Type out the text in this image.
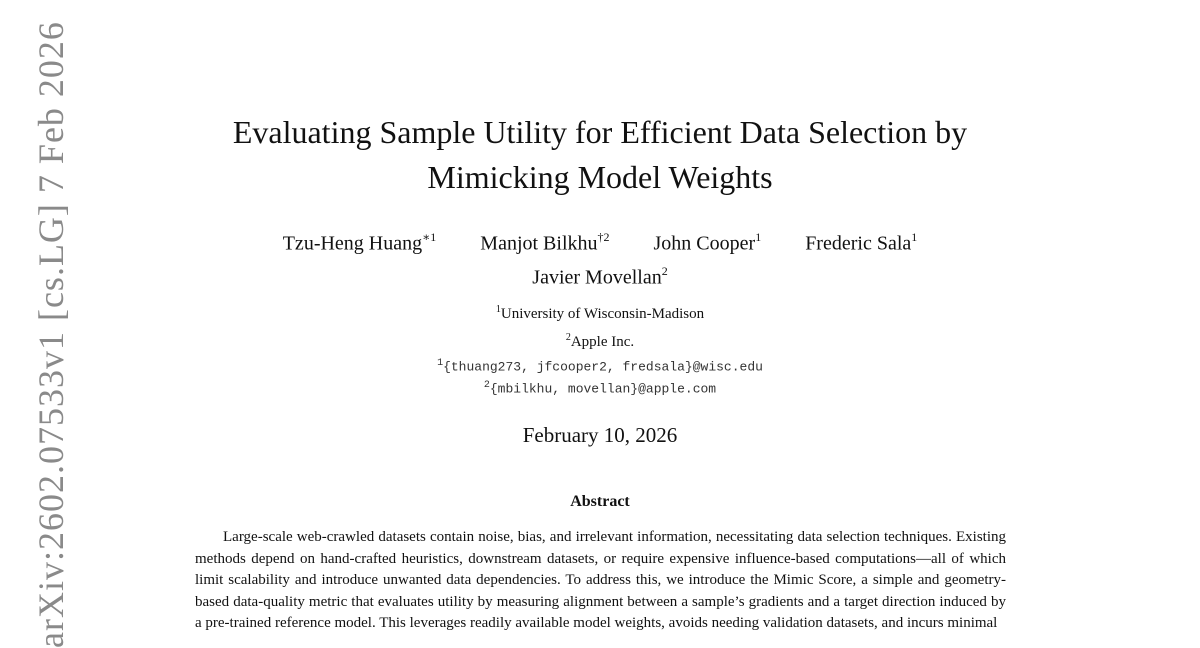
arXiv:2602.07533v1 [cs.LG] 7 Feb 2026	Evaluating Sample Utility for Efficient Data Selection by Mimicking Model Weights
Tzu-Heng Huang$^{∗1}$ Manjot Bilkhu$^{\dagger 2}$ John Cooper$^1$ Frederic Sala$^1$
Javier Movellan$^2$
$^1$University of Wisconsin-Madison
$^2$Apple Inc.
$^1${thuang273, jfcooper2, fredsala}@wisc.edu
$^2${mbilkhu, movellan}@apple.com
February 10, 2026
Abstract

Large-scale web-crawled datasets contain noise, bias, and irrelevant information, necessitating data selection techniques. Existing methods depend on hand-crafted heuristics, downstream datasets, or require expensive influence-based computations—all of which limit scalability and introduce unwanted data dependencies. To address this, we introduce the Mimic Score, a simple and geometry-based data-quality metric that evaluates utility by measuring alignment between a sample’s gradients and a target direction induced by a pre-trained reference model. This leverages readily available model weights, avoids needing validation datasets, and incurs minimal
